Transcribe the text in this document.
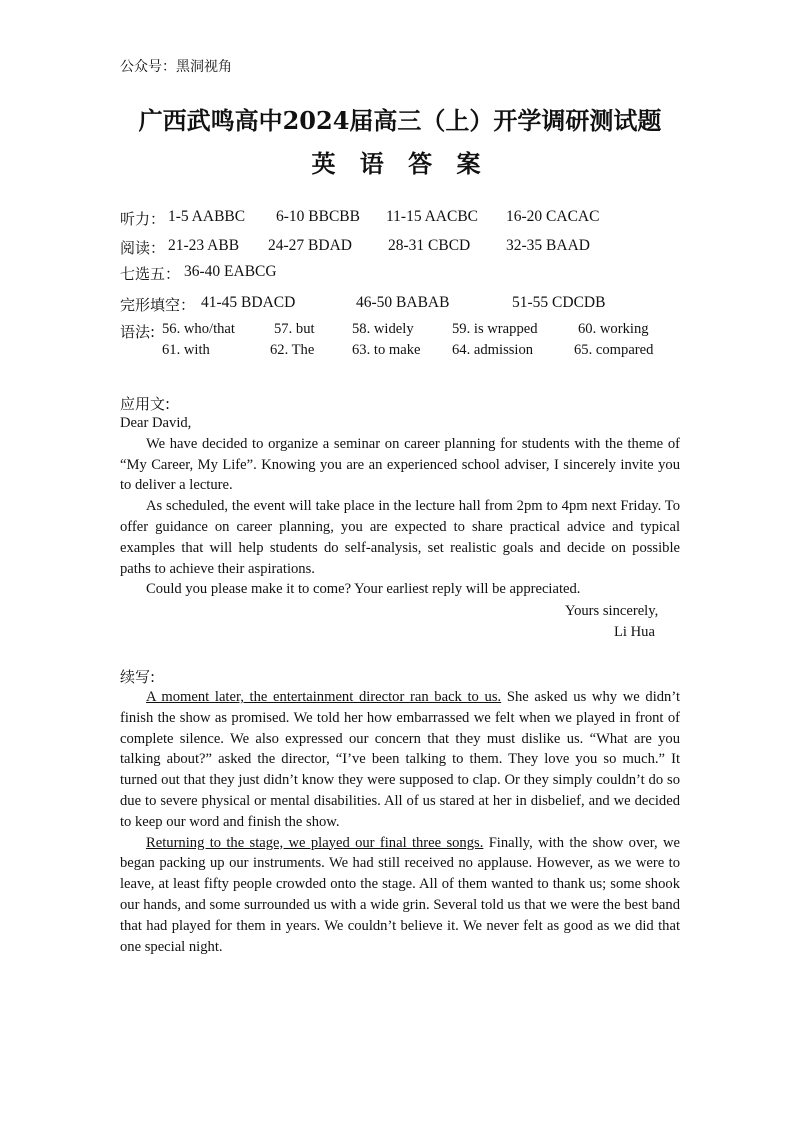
公众号：黑洞视角
广西武鸣高中2024届高三（上）开学调研测试题
英 语 答 案
听力： 1-5 AABBC 6-10 BBCBB 11-15 AACBC 16-20 CACAC
阅读： 21-23 ABB 24-27 BDAD 28-31 CBCD 32-35 BAAD
七选五： 36-40 EABCG
完形填空： 41-45 BDACD	46-50 BABAB	51-55 CDCDB
语法: 56. who/that	57. but	58. widely	59. is wrapped	60. working
61. with	62. The	63. to make 64. admission	65. compared
应用文:

Dear David,

We have decided to organize a seminar on career planning for students with the theme of “My Career, My Life”. Knowing you are an experienced school adviser, I sincerely invite you to deliver a lecture.

As scheduled, the event will take place in the lecture hall from 2pm to 4pm next Friday. To offer guidance on career planning, you are expected to share practical advice and typical examples that will help students do self-analysis, set realistic goals and decide on possible paths to achieve their aspirations.

Could you please make it to come? Your earliest reply will be appreciated.

Yours sincerely,
Li Hua
续写:

A moment later, the entertainment director ran back to us. She asked us why we didn’t finish the show as promised. We told her how embarrassed we felt when we played in front of complete silence. We also expressed our concern that they must dislike us. “What are you talking about?” asked the director, “I’ve been talking to them. They love you so much.” It turned out that they just didn’t know they were supposed to clap. Or they simply couldn’t do so due to severe physical or mental disabilities. All of us stared at her in disbelief, and we decided to keep our word and finish the show.

Returning to the stage, we played our final three songs. Finally, with the show over, we began packing up our instruments. We had still received no applause. However, as we were to leave, at least fifty people crowded onto the stage. All of them wanted to thank us; some shook our hands, and some surrounded us with a wide grin. Several told us that we were the best band that had played for them in years. We couldn’t believe it. We never felt as good as we did that one special night.
